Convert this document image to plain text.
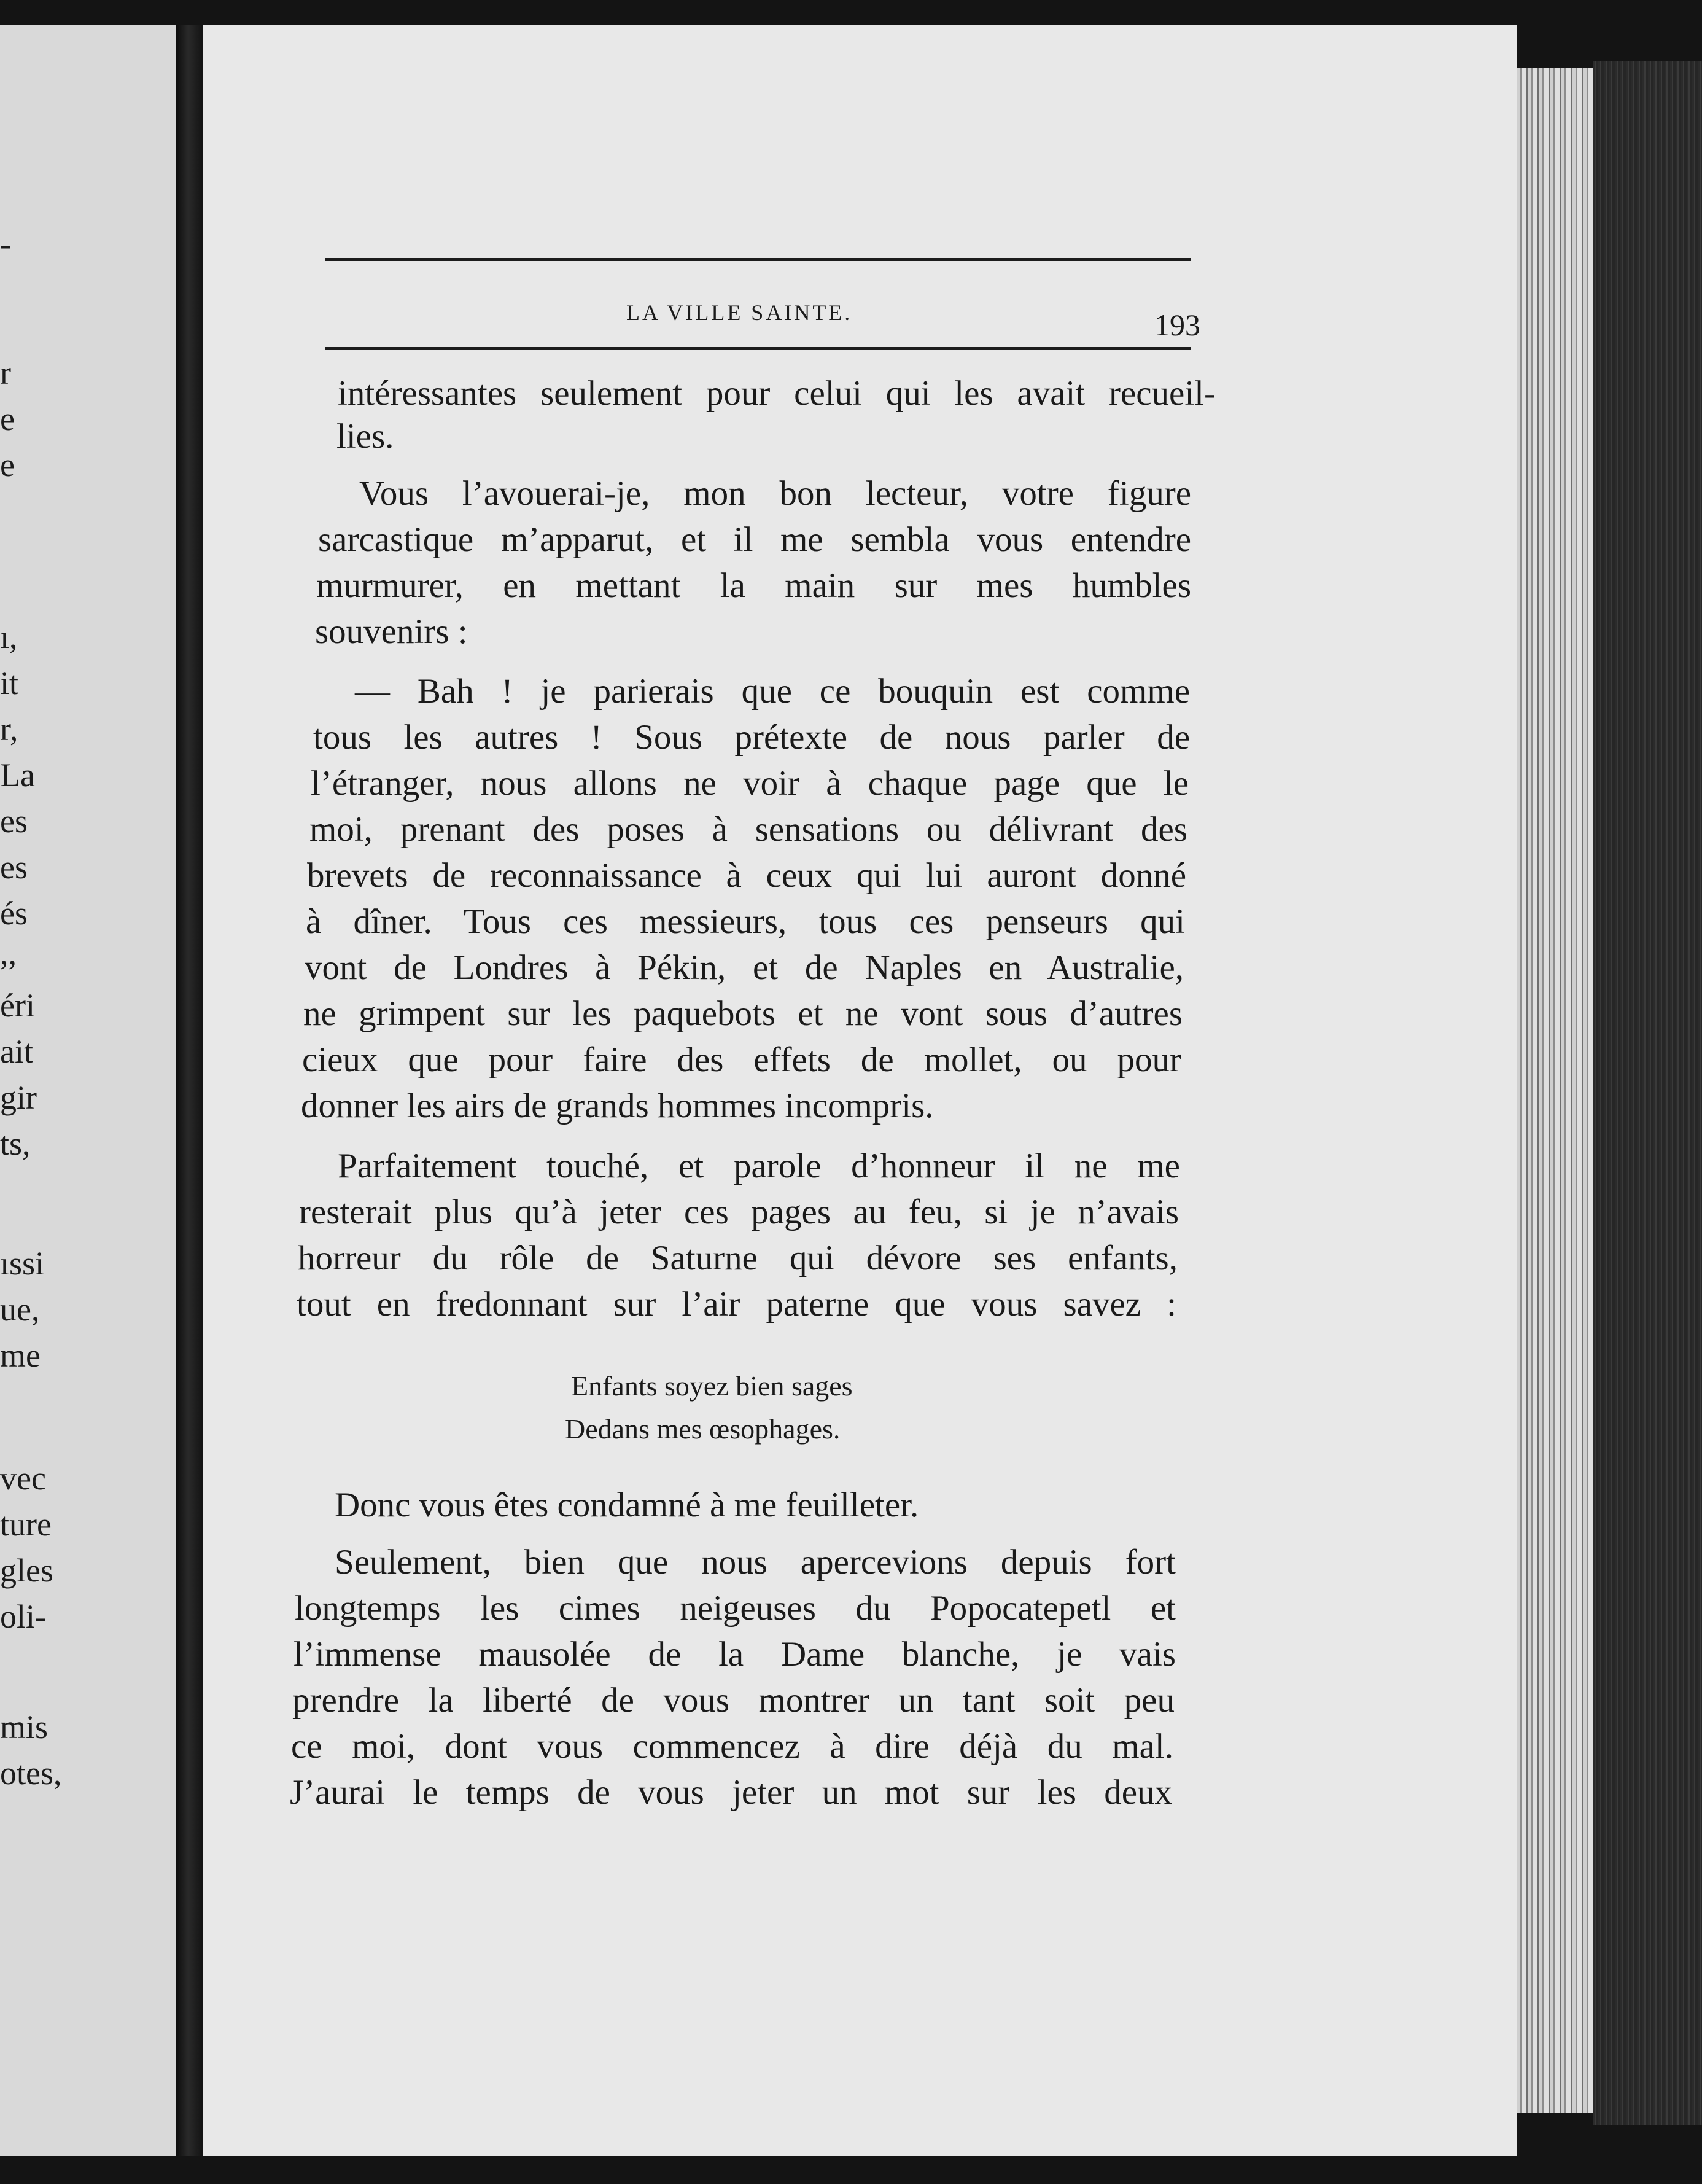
-
r
e
e
ı,
it
r,
La
es
es
és
,,
éri
ait
gir
ts,
ıssi
ue,
me
vec
ture
gles
oli-
mis
otes,
LA VILLE SAINTE.	193
intéressantes seulement pour celui qui les avait recueil-
lies.
Vous l’avouerai-je, mon bon lecteur, votre figure
sarcastique m’apparut, et il me sembla vous entendre
murmurer, en mettant la main sur mes humbles
souvenirs :
— Bah ! je parierais que ce bouquin est comme
tous les autres ! Sous prétexte de nous parler de
l’étranger, nous allons ne voir à chaque page que le
moi, prenant des poses à sensations ou délivrant des
brevets de reconnaissance à ceux qui lui auront donné
à dîner. Tous ces messieurs, tous ces penseurs qui
vont de Londres à Pékin, et de Naples en Australie,
ne grimpent sur les paquebots et ne vont sous d’autres
cieux que pour faire des effets de mollet, ou pour
donner les airs de grands hommes incompris.
Parfaitement touché, et parole d’honneur il ne me
resterait plus qu’à jeter ces pages au feu, si je n’avais
horreur du rôle de Saturne qui dévore ses enfants,
tout en fredonnant sur l’air paterne que vous savez :
Enfants soyez bien sages
Dedans mes œsophages.
Donc vous êtes condamné à me feuilleter.
Seulement, bien que nous apercevions depuis fort
longtemps les cimes neigeuses du Popocatepetl et
l’immense mausolée de la Dame blanche, je vais
prendre la liberté de vous montrer un tant soit peu
ce moi, dont vous commencez à dire déjà du mal.
J’aurai le temps de vous jeter un mot sur les deux
